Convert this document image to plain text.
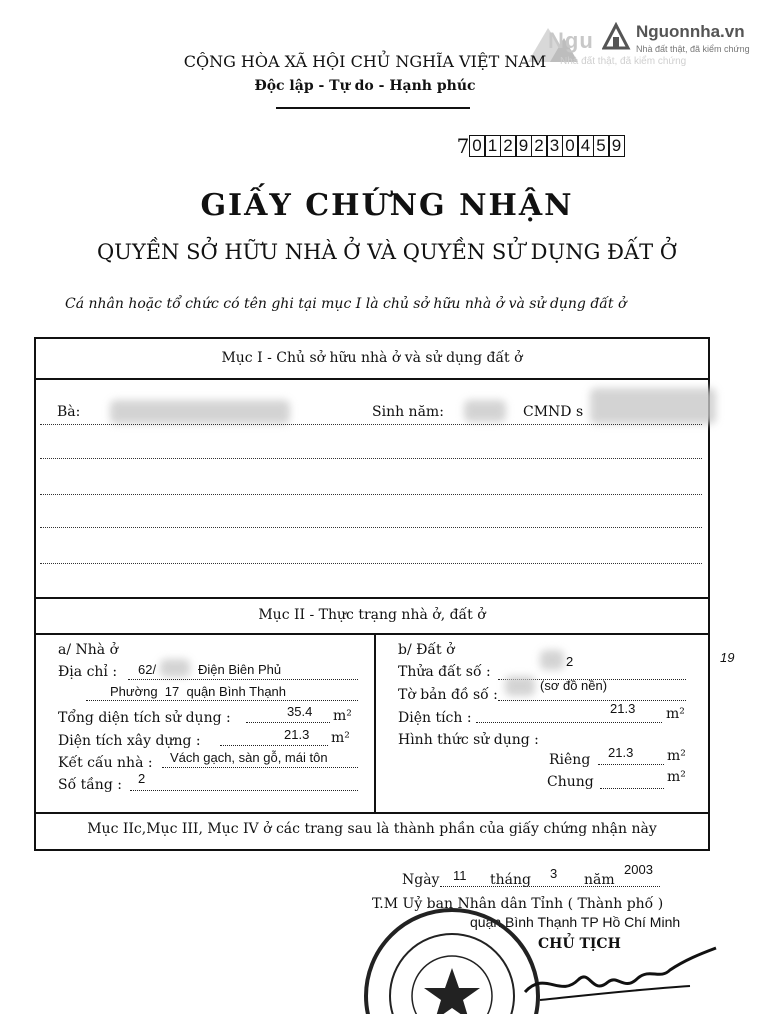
Ngu Nguonnha.vn
Nhà đất thật, đã kiểm chứng
Nhà đất thật, đã kiểm chứng
CỘNG HÒA XÃ HỘI CHỦ NGHĨA VIỆT NAM
Độc lập - Tự do - Hạnh phúc
7 0 1 2 9 2 3 0 4 5 9
GIẤY CHỨNG NHẬN
QUYỀN SỞ HỮU NHÀ Ở VÀ QUYỀN SỬ DỤNG ĐẤT Ở
Cá nhân hoặc tổ chức có tên ghi tại mục I là chủ sở hữu nhà ở và sử dụng đất ở
Mục I - Chủ sở hữu nhà ở và sử dụng đất ở
Bà:	Sinh năm:	CMND s
Mục II - Thực trạng nhà ở, đất ở
a/ Nhà ở
Địa chỉ : 62/	Điện Biên Phủ
Phường  17  quận Bình Thạnh
Tổng diện tích sử dụng :	35.4 m²
Diện tích xây dựng :	21.3 m²
Kết cấu nhà : Vách gạch, sàn gỗ, mái tôn
Số tầng : 2
b/ Đất ở
Thửa đất số :
2
Tờ bản đồ số :
(sơ đồ nền)
Diện tích :
21.3 m²
Hình thức sử dụng :
Riêng 21.3 m²
Chung	m²
Mục IIc,Mục III, Mục IV ở các trang sau là thành phần của giấy chứng nhận này
Ngày 11 tháng 3 năm
2003
T.M Uỷ ban Nhân dân Tỉnh ( Thành phố )
quận Bình Thạnh TP Hồ Chí Minh
CHỦ TỊCH
19
